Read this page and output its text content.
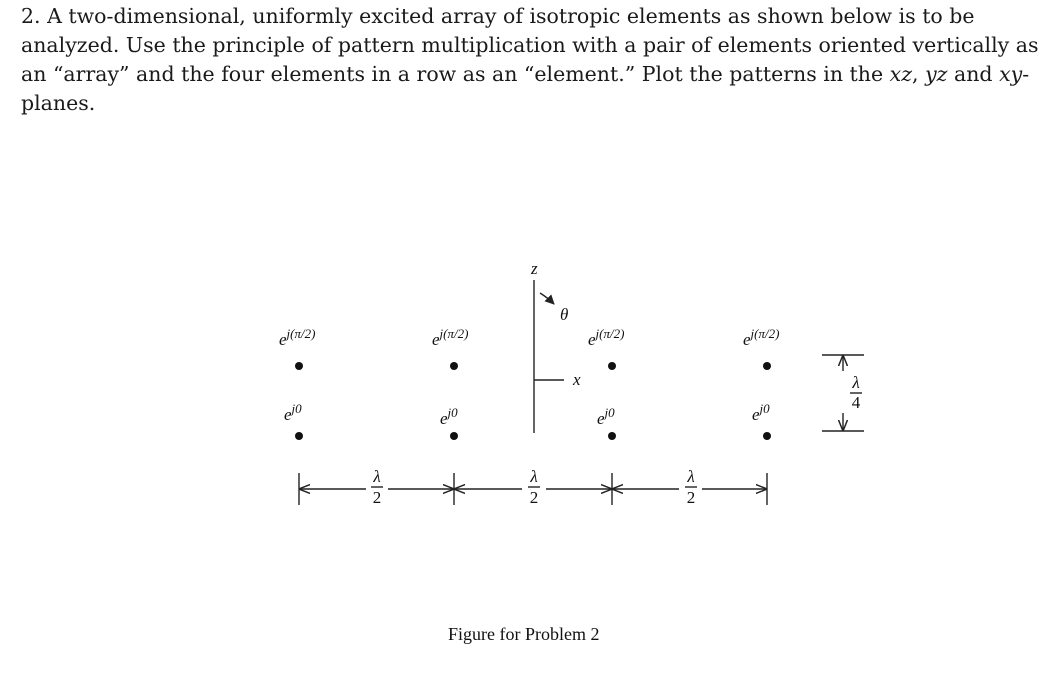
2. A two-dimensional, uniformly excited array of isotropic elements as shown below is to be analyzed. Use the principle of pattern multiplication with a pair of elements oriented vertically as an “array” and the four elements in a row as an “element.” Plot the patterns in the xz, yz and xy-planes.

z
x
θ
$e^{j(\pi/2)}$
$e^{j0}$
$e^{j(\pi/2)}$
$e^{j0}$
$e^{j(\pi/2)}$
$e^{j0}$
$e^{j(\pi/2)}$
$e^{j0}$
λ
2
λ
2
λ
2
λ
4
Figure for Problem 2
